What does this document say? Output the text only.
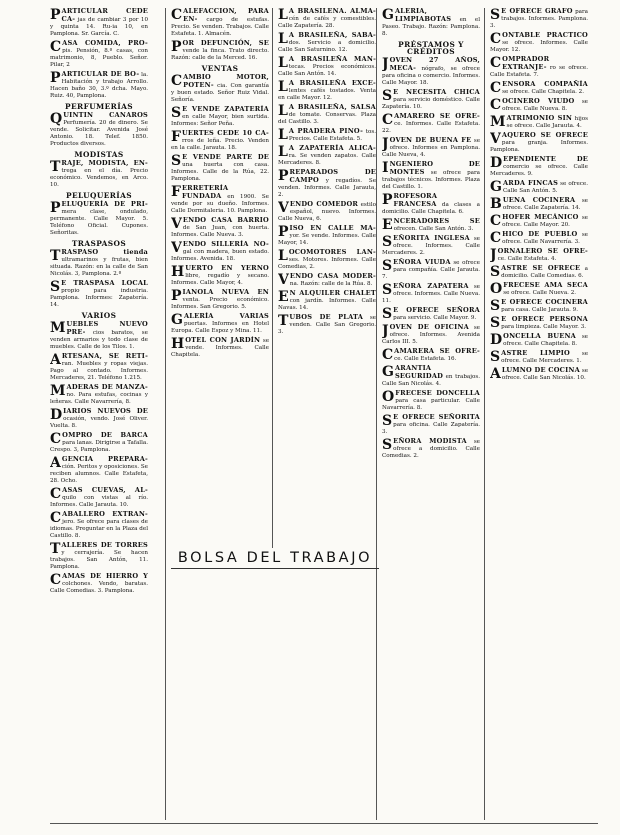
PARTICULAR CEDE CA- jas de cambiar 3 por 10 y quinta 14. Ru-ia 10, en Pamplona. Sr. García. C.
CASA COMIDA, PRO- pis. Pensión, 8.º casas, con matrimonio, 8, Pueblo. Señor. Pilar, 2
PARTICULAR DE BO- la. Habitación y trabajo Arrollo. Hacen baño 30, 3.º dcha. Mayo. Ruiz. 40, Pamplona.
PERFUMERÍAS
QUINTIN CANAROS Perfumería. 20 de dinero. Se vende. Solicitar. Avenida José Antonio. 18. Telef. 1850. Productos diversos.
MODISTAS
TRAJE, MODISTA, EN- trega en el día. Precio económico. Vendemos, en Arco. 10.
PELUQUERÍAS
PELUQUERÍA DE PRI- mera clase, ondulado, permanente. Calle Mayor. 5. Teléfono Oficial. Cupones. Señoritas.
TRASPASOS
TRASPASO tienda ultramarinos y frutas, bien situada. Razón: en la calle de San Nicolás. 3, Pamplona. 2.º
S E TRASPASA LOCAL propio para industria. Pamplona. Informes: Zapatería. 14.
VARIOS
MUEBLES NUEVO PRE- cios baratos, se venden armarios y todo clase de muebles. Calle de los Tilos. 1.
ARTESANA, SE RETI- ran. Muebles y ropas viejas. Pago al contado. Informes. Mercaderes, 21. Teléfono 1.215.
MADERAS DE MANZA- no. Para estufas, cocinas y leñeras. Calle Navarrería, 8.
DIARIOS NUEVOS DE ocasión, vendo. José Oliver. Vuelta. 8.
COMPRO DE BARCA para lanas. Dirigirse a Tafalla. Crespo. 3, Pamplona.
AGENCIA PREPARA- ción. Peritos y oposiciones. Se reciben alumnos. Calle Estafeta, 28. Ocho.
CASAS CUEVAS, AL- quilo con vistas al río. Informes. Calle Jarauta. 10.
CABALLERO EXTRAN- jero. Se ofrece para clases de idiomas. Preguntar en la Plaza del Castillo. 8.
TALLERES DE TORRES y cerrajería. Se hacen trabajos. San Antón, 11. Pamplona.
CAMAS DE HIERRO Y colchones. Vendo, baratas. Calle Comedias. 3. Pamplona.
CALEFACCIÓN, PARA EN- cargo de estufas. Precio. Se venden. Trabajos. Calle Estafeta. 1. Almacén.
POR DEFUNCIÓN, SE vende la finca. Trato directo. Razón: calle de la Merced. 16.
VENTAS
CAMBIO MOTOR, POTEN- cia. Con garantía y buen estado. Señor Ruiz Vidal. Señoría.
S E VENDE ZAPATERÍA en calle Mayor, bien surtida. Informes: Señor Peña.
FUERTES CEDE 10 CA- rros de leña. Precio. Venden en la calle. Jarauta. 18.
S E VENDE PARTE DE una huerta con casa. Informes. Calle de la Rúa, 22. Pamplona.
FERRETERÍA FUNDADA en 1900. Se vende por su dueño. Informes. Calle Dormitaleria. 10. Pamplona.
VENDO CASA BARRIO de San Juan, con huerta. Informes. Calle Nueva. 3.
VENDO SILLERÍA NO- gal con madera, buen estado. Informes. Avenida. 18.
HUERTO EN YERNO libre, regadío y secano. Informes. Calle Mayor, 4.
PIANOLA NUEVA EN venta. Precio económico. Informes. San Gregorio. 5.
GALERÍA VARIAS puertas. Informes en Hotel Europa. Calle Espoz y Mina. 11.
HOTEL CON JARDÍN se vende. Informes. Calle Chapitela.
L A BRASILEÑA. ALMA- cén de cafés y comestibles. Calle Zapatería. 28.
L A BRASILEÑA, SABA- dos. Servicio a domicilio. Calle San Saturnino. 12.
L A BRASILEÑA MAN- tecas. Precios económicos. Calle San Antón. 14.
L A BRASILEÑA EXCE- lentes cafés tostados. Venta en calle Mayor. 12.
L A BRASILEÑA, SALSA de tomate. Conservas. Plaza del Castillo. 3.
L A PRADERA PINO- tos. Precios. Calle Estafeta. 5.
L A ZAPATERÍA ALICA- ra. Se venden zapatos. Calle Mercaderes. 8.
PREPARADOS DE CAMPO y regadíos. Se venden. Informes. Calle Jarauta, 2.
VENDO COMEDOR estilo español, nuevo. Informes. Calle Nueva, 6.
PISO EN CALLE MA- yor. Se vende. Informes. Calle Mayor, 14.
LOCOMOTORES LAN- ses. Motores. Informes. Calle Comedias, 2.
VENDO CASA MODER- na. Razón: calle de la Rúa. 8.
E N ALQUILER CHALET con jardín. Informes. Calle Navas. 14.
TUBOS DE PLATA se venden. Calle San Gregorio. 3.
GALERÍA, LIMPIABOTAS en el Paseo. Trabajo. Razón: Pamplona. 8.
PRÉSTAMOS Y CRÉDITOS
JOVEN 27 AÑOS, MECA- nógrafo, se ofrece para oficina o comercio. Informes. Calle Mayor. 18.
S E NECESITA CHICA para servicio doméstico. Calle Zapatería. 10.
CAMARERO SE OFRE- ce. Informes. Calle Estafeta. 22.
JOVEN DE BUENA FE se ofrece. Informes en Pamplona. Calle Nueva, 4.
INGENIERO DE MONTES se ofrece para trabajos técnicos. Informes. Plaza del Castillo. 1.
PROFESORA FRANCESA da clases a domicilio. Calle Chapitela. 6.
ENCERADORES SE ofrecen. Calle San Antón. 3.
SEÑORITA INGLESA se ofrece. Informes. Calle Mercaderes. 2.
SEÑORA VIUDA se ofrece para compañía. Calle Jarauta. 7.
SEÑORA ZAPATERA se ofrece. Informes. Calle Nueva. 11.
S E OFRECE SEÑORA para servicio. Calle Mayor. 9.
JOVEN DE OFICINA se ofrece. Informes. Avenida Carlos III. 5.
CAMARERA SE OFRE- ce. Calle Estafeta. 16.
GARANTIA SEGURIDAD en trabajos. Calle San Nicolás. 4.
OFRECESE DONCELLA para casa particular. Calle Navarrería. 8.
S E OFRECE SEÑORITA para oficina. Calle Zapatería. 3.
SEÑORA MODISTA se ofrece a domicilio. Calle Comedias. 2.
S E OFRECE GRAFO para trabajos. Informes. Pamplona. 3.
CONTABLE PRACTICO se ofrece. Informes. Calle Mayor. 12.
COMPRADOR EXTRANJE- ro se ofrece. Calle Estafeta. 7.
CENSORA COMPAÑÍA se ofrece. Calle Chapitela. 2.
COCINERO VIUDO se ofrece. Calle Nueva. 8.
MATRIMONIO SIN hijos se ofrece. Calle Jarauta. 4.
VAQUERO SE OFRECE para granja. Informes. Pamplona.
DEPENDIENTE DE comercio se ofrece. Calle Mercaderes. 9.
GARDA FINCAS se ofrece. Calle San Antón. 5.
BUENA COCINERA se ofrece. Calle Zapatería. 14.
CHOFER MECÁNICO se ofrece. Calle Mayor. 20.
CHICO DE PUEBLO se ofrece. Calle Navarrería. 3.
JORNALERO SE OFRE- ce. Calle Estafeta. 4.
SASTRE SE OFRECE a domicilio. Calle Comedias. 6.
OFRECESE AMA SECA se ofrece. Calle Nueva. 2.
S E OFRECE COCINERA para casa. Calle Jarauta. 9.
S E OFRECE PERSONA para limpieza. Calle Mayor. 3.
DONCELLA BUENA se ofrece. Calle Chapitela. 8.
SASTRE LIMPIO se ofrece. Calle Mercaderes. 1.
ALUMNO DE COCINA se ofrece. Calle San Nicolás. 10.
BOLSA DEL TRABAJO
